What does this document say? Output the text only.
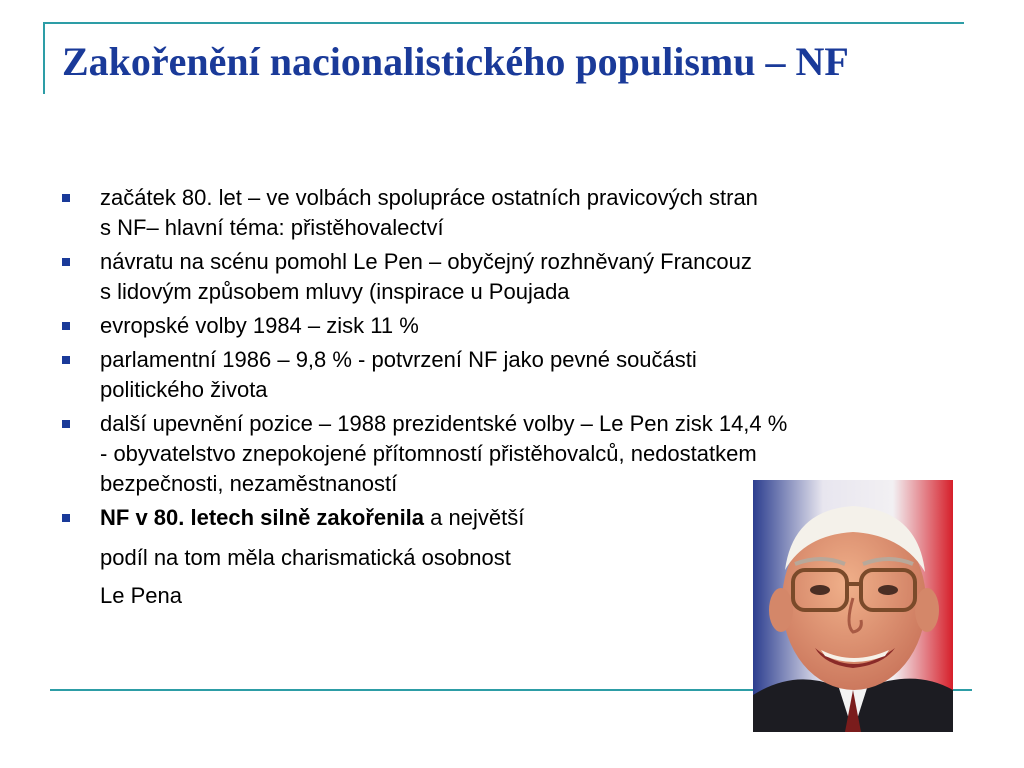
Zakořenění nacionalistického populismu – NF
začátek 80. let – ve volbách spolupráce ostatních pravicových stran
s NF– hlavní téma: přistěhovalectví
návratu na scénu pomohl Le Pen – obyčejný rozhněvaný Francouz
s lidovým způsobem mluvy (inspirace u Poujada
evropské volby 1984 – zisk 11 %
parlamentní 1986 – 9,8 % - potvrzení NF jako pevné součásti
politického života
další upevnění pozice – 1988 prezidentské volby – Le Pen zisk 14,4 %
- obyvatelstvo znepokojené přítomností přistěhovalců, nedostatkem
bezpečnosti, nezaměstnaností
NF v 80. letech silně zakořenila a největší

podíl na tom měla charismatická osobnost

Le Pena
